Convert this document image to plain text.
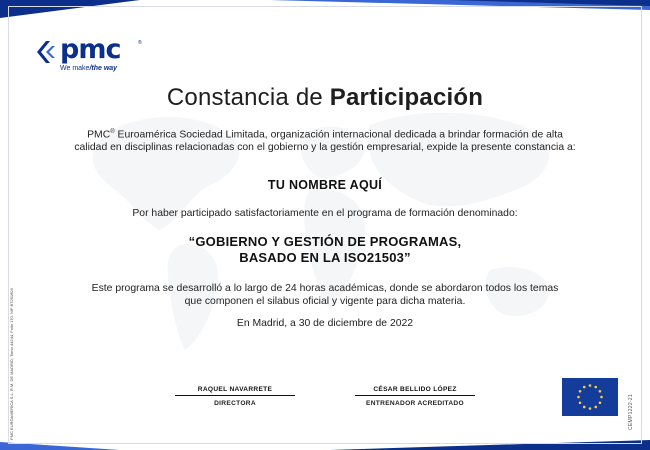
pmc	®
We make/the way
Constancia de Participación
PMC® Euroamérica Sociedad Limitada, organización internacional dedicada a brindar formación de alta calidad en disciplinas relacionadas con el gobierno y la gestión empresarial, expide la presente constancia a:
TU NOMBRE AQUÍ
Por haber participado satisfactoriamente en el programa de formación denominado:
“GOBIERNO Y GESTIÓN DE PROGRAMAS,
BASADO EN LA ISO21503”
Este programa se desarrolló a lo largo de 24 horas académicas, donde se abordaron todos los temas que componen el silabus oficial y vigente para dicha materia.
En Madrid, a 30 de diciembre de 2022
RAQUEL NAVARRETE
DIRECTORA
CÉSAR BELLIDO LÓPEZ
ENTRENADOR ACREDITADO
PMC EUROAMERICA S.L. R.M. DE MADRID, Tomo 44244, Folio 170. NIF B7261603	CEMP1222-21
